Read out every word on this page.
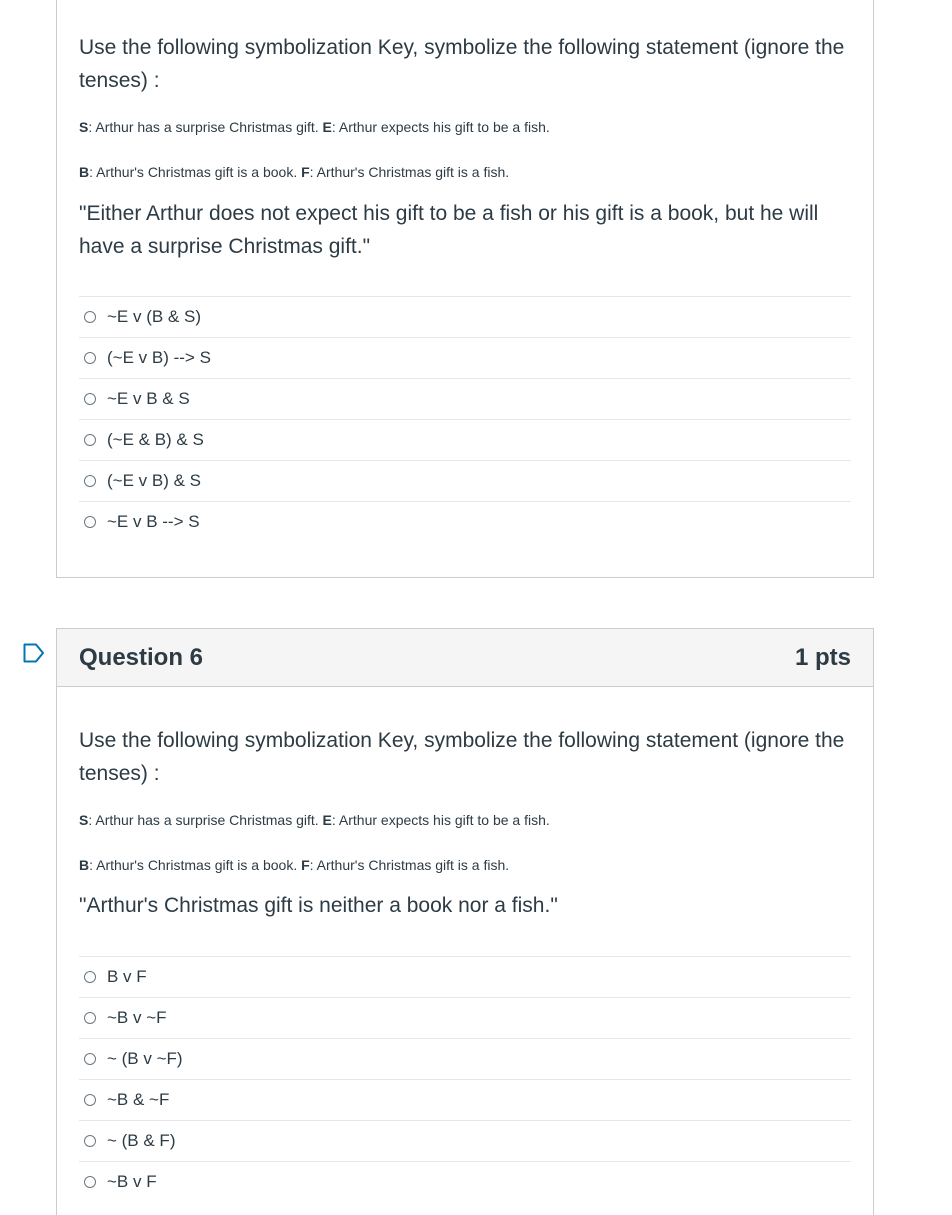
Use the following symbolization Key, symbolize the following statement (ignore the tenses) :

S: Arthur has a surprise Christmas gift. E: Arthur expects his gift to be a fish.

B: Arthur's Christmas gift is a book. F: Arthur's Christmas gift is a fish.

"Either Arthur does not expect his gift to be a fish or his gift is a book, but he will have a surprise Christmas gift."

~E v (B & S)
(~E v B) --> S
~E v B & S
(~E & B) & S
(~E v B) & S
~E v B --> S
Question 6	1 pts

Use the following symbolization Key, symbolize the following statement (ignore the tenses) :

S: Arthur has a surprise Christmas gift. E: Arthur expects his gift to be a fish.

B: Arthur's Christmas gift is a book. F: Arthur's Christmas gift is a fish.

"Arthur's Christmas gift is neither a book nor a fish."

B v F
~B v ~F
~ (B v ~F)
~B & ~F
~ (B & F)
~B v F
